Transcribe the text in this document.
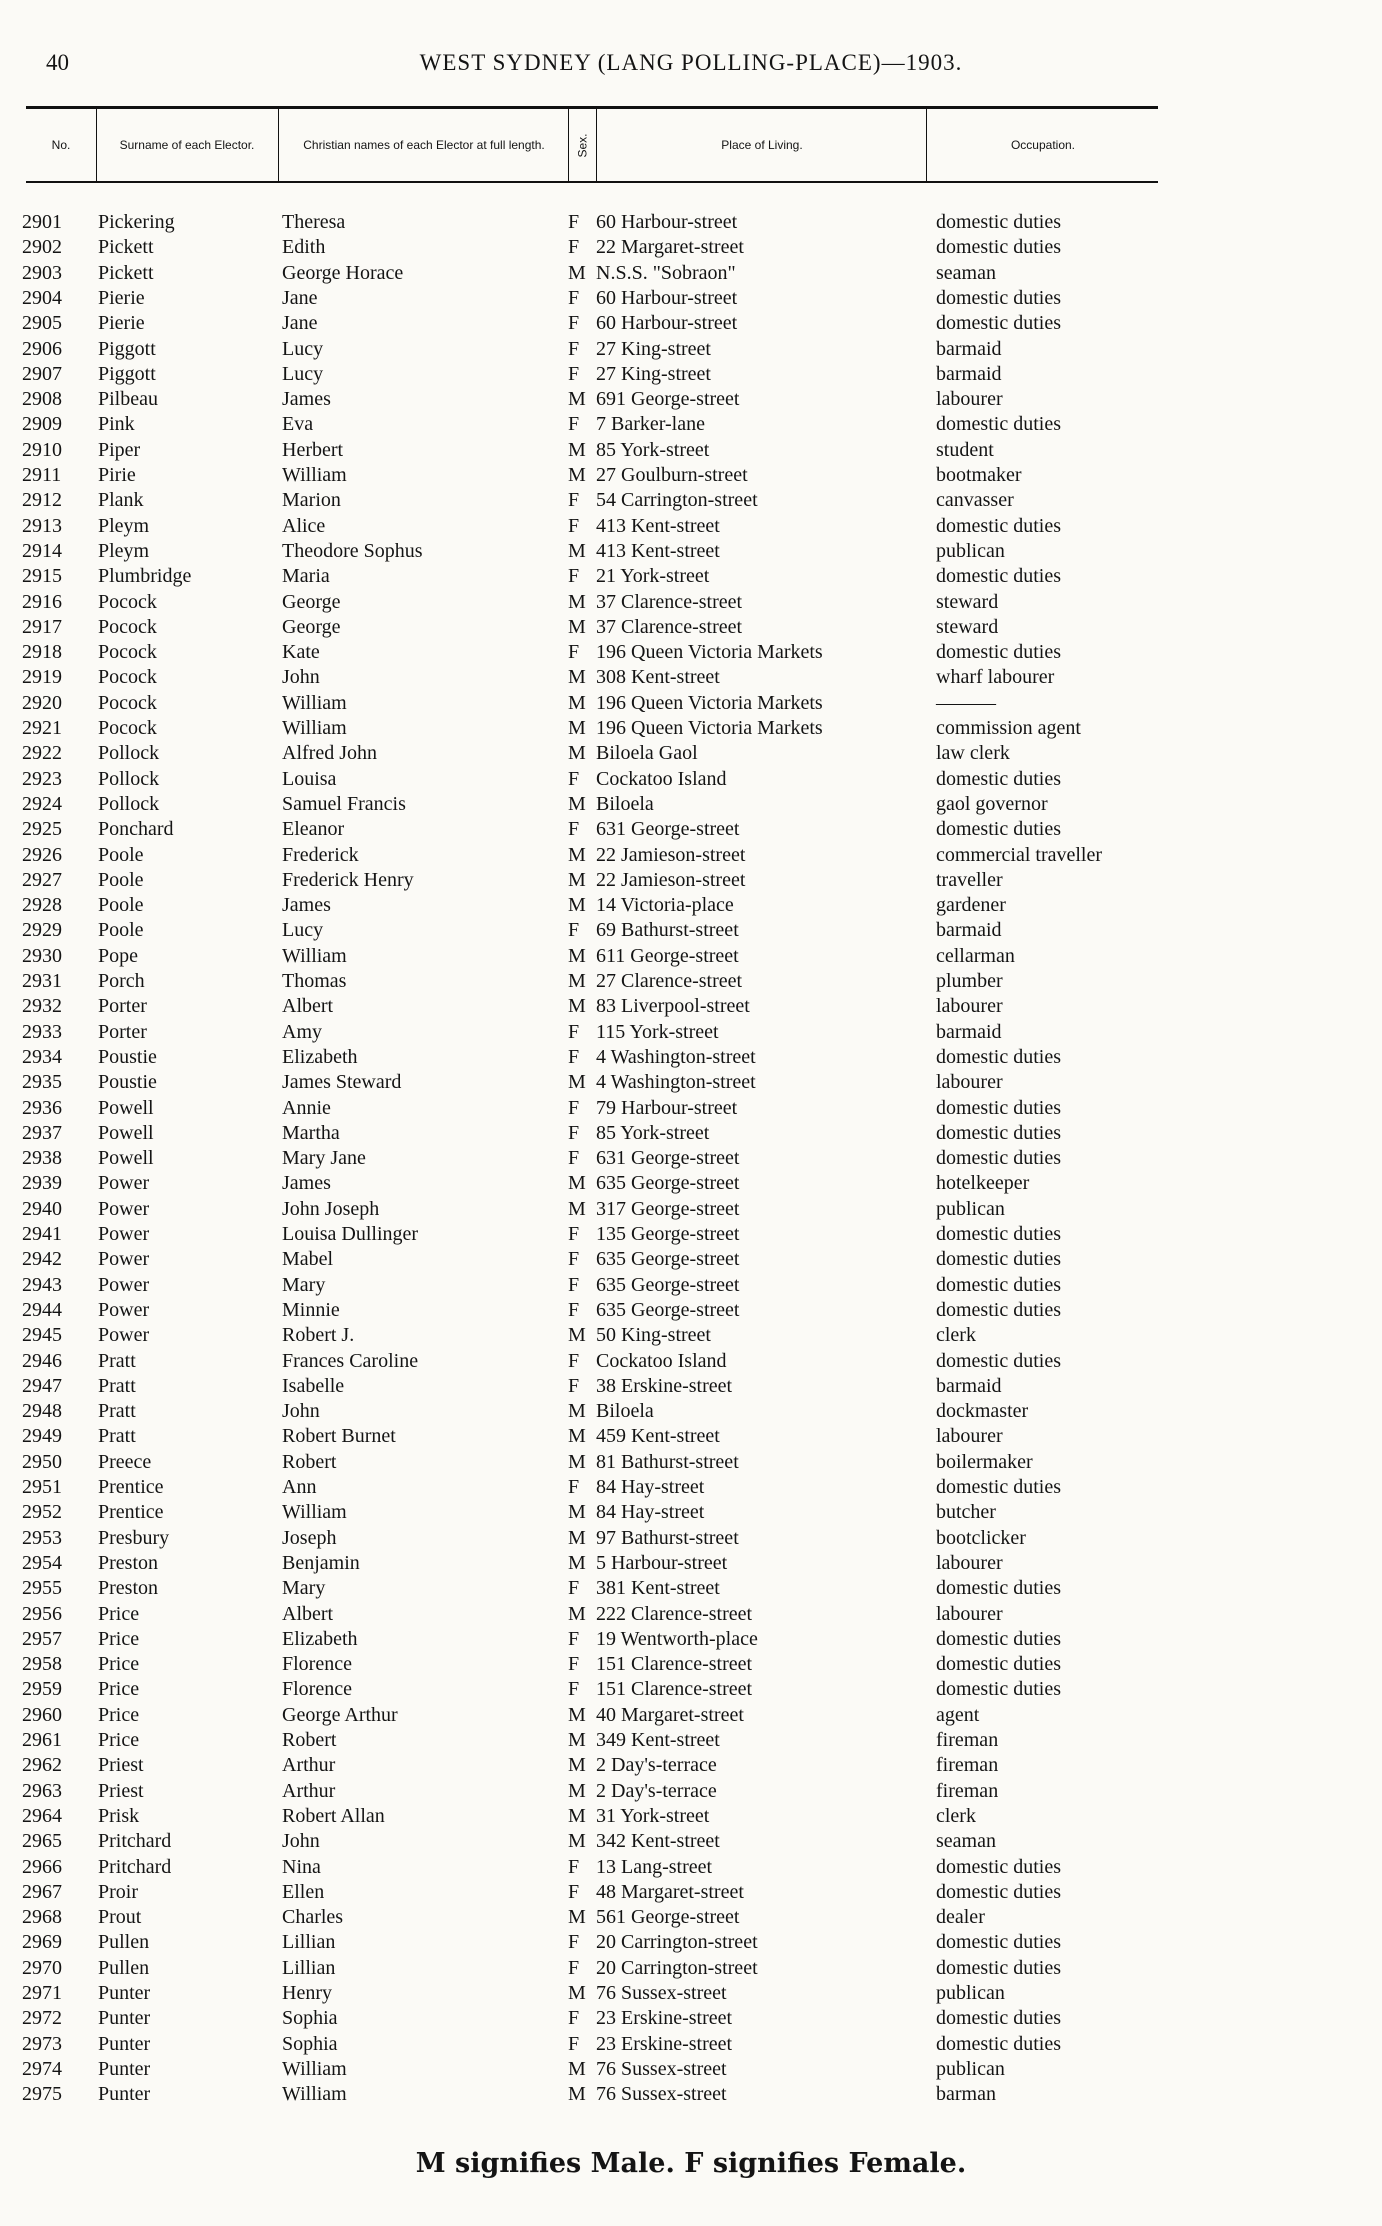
40	WEST SYDNEY (LANG POLLING-PLACE)—1903.
No.	Surname of each Elector.	Christian names of each Elector at full length.	Sex.	Place of Living.	Occupation.
2901	Pickering	Theresa	F 60 Harbour-street	domestic duties
2902	Pickett	Edith	F 22 Margaret-street	domestic duties
2903	Pickett	George Horace	M N.S.S. "Sobraon"	seaman
2904	Pierie	Jane	F 60 Harbour-street	domestic duties
2905	Pierie	Jane	F 60 Harbour-street	domestic duties
2906	Piggott	Lucy	F 27 King-street	barmaid
2907	Piggott	Lucy	F 27 King-street	barmaid
2908	Pilbeau	James	M 691 George-street	labourer
2909	Pink	Eva	F 7 Barker-lane	domestic duties
2910	Piper	Herbert	M 85 York-street	student
2911	Pirie	William	M 27 Goulburn-street	bootmaker
2912	Plank	Marion	F 54 Carrington-street	canvasser
2913	Pleym	Alice	F 413 Kent-street	domestic duties
2914	Pleym	Theodore Sophus	M 413 Kent-street	publican
2915	Plumbridge	Maria	F 21 York-street	domestic duties
2916	Pocock	George	M 37 Clarence-street	steward
2917	Pocock	George	M 37 Clarence-street	steward
2918	Pocock	Kate	F 196 Queen Victoria Markets	domestic duties
2919	Pocock	John	M 308 Kent-street	wharf labourer
2920	Pocock	William	M 196 Queen Victoria Markets	———
2921	Pocock	William	M 196 Queen Victoria Markets	commission agent
2922	Pollock	Alfred John	M Biloela Gaol	law clerk
2923	Pollock	Louisa	F Cockatoo Island	domestic duties
2924	Pollock	Samuel Francis	M Biloela	gaol governor
2925	Ponchard	Eleanor	F 631 George-street	domestic duties
2926	Poole	Frederick	M 22 Jamieson-street	commercial traveller
2927	Poole	Frederick Henry	M 22 Jamieson-street	traveller
2928	Poole	James	M 14 Victoria-place	gardener
2929	Poole	Lucy	F 69 Bathurst-street	barmaid
2930	Pope	William	M 611 George-street	cellarman
2931	Porch	Thomas	M 27 Clarence-street	plumber
2932	Porter	Albert	M 83 Liverpool-street	labourer
2933	Porter	Amy	F 115 York-street	barmaid
2934	Poustie	Elizabeth	F 4 Washington-street	domestic duties
2935	Poustie	James Steward	M 4 Washington-street	labourer
2936	Powell	Annie	F 79 Harbour-street	domestic duties
2937	Powell	Martha	F 85 York-street	domestic duties
2938	Powell	Mary Jane	F 631 George-street	domestic duties
2939	Power	James	M 635 George-street	hotelkeeper
2940	Power	John Joseph	M 317 George-street	publican
2941	Power	Louisa Dullinger	F 135 George-street	domestic duties
2942	Power	Mabel	F 635 George-street	domestic duties
2943	Power	Mary	F 635 George-street	domestic duties
2944	Power	Minnie	F 635 George-street	domestic duties
2945	Power	Robert J.	M 50 King-street	clerk
2946	Pratt	Frances Caroline	F Cockatoo Island	domestic duties
2947	Pratt	Isabelle	F 38 Erskine-street	barmaid
2948	Pratt	John	M Biloela	dockmaster
2949	Pratt	Robert Burnet	M 459 Kent-street	labourer
2950	Preece	Robert	M 81 Bathurst-street	boilermaker
2951	Prentice	Ann	F 84 Hay-street	domestic duties
2952	Prentice	William	M 84 Hay-street	butcher
2953	Presbury	Joseph	M 97 Bathurst-street	bootclicker
2954	Preston	Benjamin	M 5 Harbour-street	labourer
2955	Preston	Mary	F 381 Kent-street	domestic duties
2956	Price	Albert	M 222 Clarence-street	labourer
2957	Price	Elizabeth	F 19 Wentworth-place	domestic duties
2958	Price	Florence	F 151 Clarence-street	domestic duties
2959	Price	Florence	F 151 Clarence-street	domestic duties
2960	Price	George Arthur	M 40 Margaret-street	agent
2961	Price	Robert	M 349 Kent-street	fireman
2962	Priest	Arthur	M 2 Day's-terrace	fireman
2963	Priest	Arthur	M 2 Day's-terrace	fireman
2964	Prisk	Robert Allan	M 31 York-street	clerk
2965	Pritchard	John	M 342 Kent-street	seaman
2966	Pritchard	Nina	F 13 Lang-street	domestic duties
2967	Proir	Ellen	F 48 Margaret-street	domestic duties
2968	Prout	Charles	M 561 George-street	dealer
2969	Pullen	Lillian	F 20 Carrington-street	domestic duties
2970	Pullen	Lillian	F 20 Carrington-street	domestic duties
2971	Punter	Henry	M 76 Sussex-street	publican
2972	Punter	Sophia	F 23 Erskine-street	domestic duties
2973	Punter	Sophia	F 23 Erskine-street	domestic duties
2974	Punter	William	M 76 Sussex-street	publican
2975	Punter	William	M 76 Sussex-street	barman
M signifies Male. F signifies Female.
